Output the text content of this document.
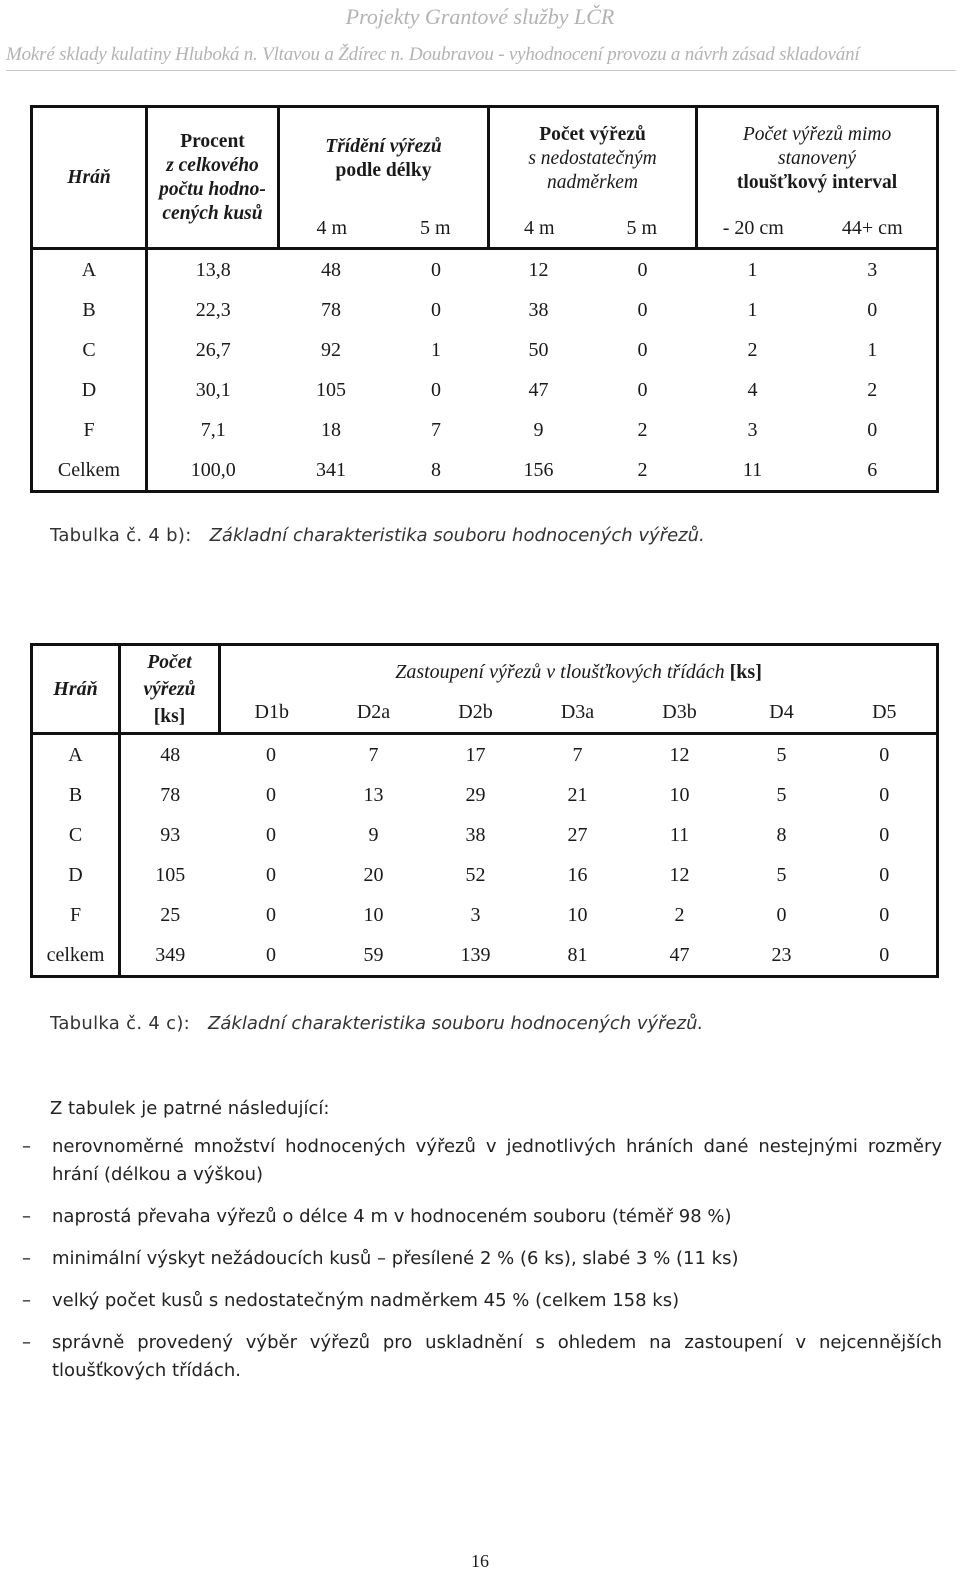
Projekty Grantové služby LČR
Mokré sklady kulatiny Hluboká n. Vltavou a Ždírec n. Doubravou - vyhodnocení provozu a návrh zásad skladování
Hráň	Procent
z celkového
počtu hodno-
cených kusů	Třídění výřezů
podle délky		Počet výřezů
s nedostatečným
nadměrkem		Počet výřezů mimo
stanovený
tloušťkový interval	
		4 m	5 m	4 m	5 m	- 20 cm	44+ cm
A	13,8	48	0	12	0	1	3
B	22,3	78	0	38	0	1	0
C	26,7	92	1	50	0	2	1
D	30,1	105	0	47	0	4	2
F	7,1	18	7	9	2	3	0
Celkem	100,0	341	8	156	2	11	6
Tabulka č. 4 b): Základní charakteristika souboru hodnocených výřezů.
Hráň	Počet
výřezů
[ks]	Zastoupení výřezů v tloušťkových třídách [ks]						
		D1b	D2a	D2b	D3a	D3b	D4	D5
A	48	0	7	17	7	12	5	0
B	78	0	13	29	21	10	5	0
C	93	0	9	38	27	11	8	0
D	105	0	20	52	16	12	5	0
F	25	0	10	3	10	2	0	0
celkem	349	0	59	139	81	47	23	0
Tabulka č. 4 c): Základní charakteristika souboru hodnocených výřezů.
Z tabulek je patrné následující:
– nerovnoměrné množství hodnocených výřezů v jednotlivých hráních dané nestejnými rozměry hrání (délkou a výškou)
– naprostá převaha výřezů o délce 4 m v hodnoceném souboru (téměř 98 %)
– minimální výskyt nežádoucích kusů – přesílené 2 % (6 ks), slabé 3 % (11 ks)
– velký počet kusů s nedostatečným nadměrkem 45 % (celkem 158 ks)
– správně provedený výběr výřezů pro uskladnění s ohledem na zastoupení v nejcennějších tloušťkových třídách.
16
